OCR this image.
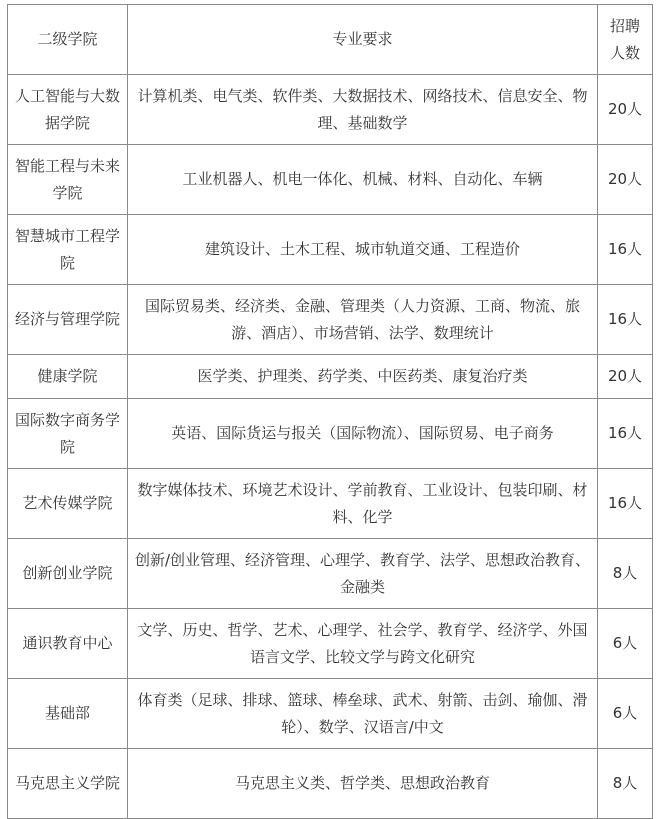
二级学院	专业要求	招聘人数
人工智能与大数据学院	计算机类、电气类、软件类、大数据技术、网络技术、信息安全、物理、基础数学	20人
智能工程与未来学院	工业机器人、机电一体化、机械、材料、自动化、车辆	20人
智慧城市工程学院	建筑设计、土木工程、城市轨道交通、工程造价	16人
经济与管理学院	国际贸易类、经济类、金融、管理类（人力资源、工商、物流、旅游、酒店）、市场营销、法学、数理统计	16人
健康学院	医学类、护理类、药学类、中医药类、康复治疗类	20人
国际数字商务学院	英语、国际货运与报关（国际物流）、国际贸易、电子商务	16人
艺术传媒学院	数字媒体技术、环境艺术设计、学前教育、工业设计、包装印刷、材料、化学	16人
创新创业学院	创新/创业管理、经济管理、心理学、教育学、法学、思想政治教育、金融类	8人
通识教育中心	文学、历史、哲学、艺术、心理学、社会学、教育学、经济学、外国语言文学、比较文学与跨文化研究	6人
基础部	体育类（足球、排球、篮球、棒垒球、武术、射箭、击剑、瑜伽、滑轮）、数学、汉语言/中文	6人
马克思主义学院	马克思主义类、哲学类、思想政治教育	8人
